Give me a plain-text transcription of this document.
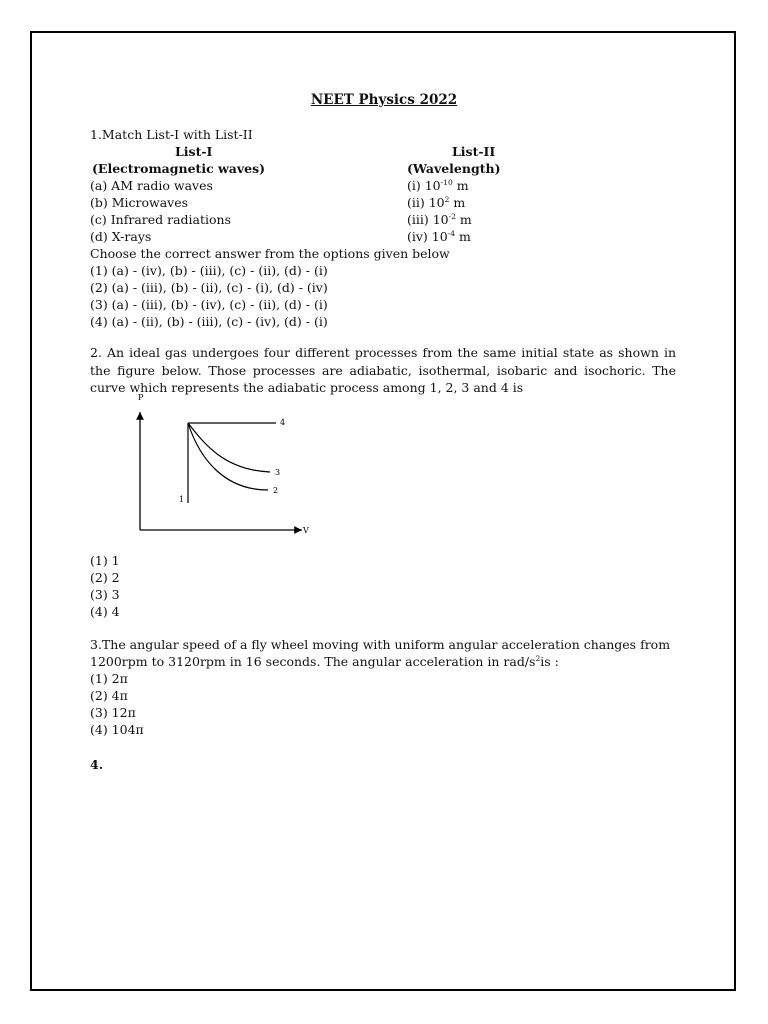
NEET Physics 2022
1.Match List-I with List-II
List-I	List-II
(Electromagnetic waves)	(Wavelength)
(a) AM radio waves	(i) $10^{-10}$ m
(b) Microwaves	(ii) $10^2$ m
(c) Infrared radiations	(iii) $10^{-2}$ m
(d) X-rays	(iv) $10^{-4}$ m
Choose the correct answer from the options given below
(1) (a) - (iv), (b) - (iii), (c) - (ii), (d) - (i)
(2) (a) - (iii), (b) - (ii), (c) - (i), (d) - (iv)
(3) (a) - (iii), (b) - (iv), (c) - (ii), (d) - (i)
(4) (a) - (ii), (b) - (iii), (c) - (iv), (d) - (i)
2. An ideal gas undergoes four different processes from the same initial state as shown in the figure below. Those processes are adiabatic, isothermal, isobaric and isochoric. The curve which represents the adiabatic process among 1, 2, 3 and 4 is
P
V
1
4
3
2
(1) 1
(2) 2
(3) 3
(4) 4
3.The angular speed of a fly wheel moving with uniform angular acceleration changes from
1200rpm to 3120rpm in 16 seconds. The angular acceleration in rad/$s^2is$ :
(1) 2π
(2) 4π
(3) 12π
(4) 104π
4.
